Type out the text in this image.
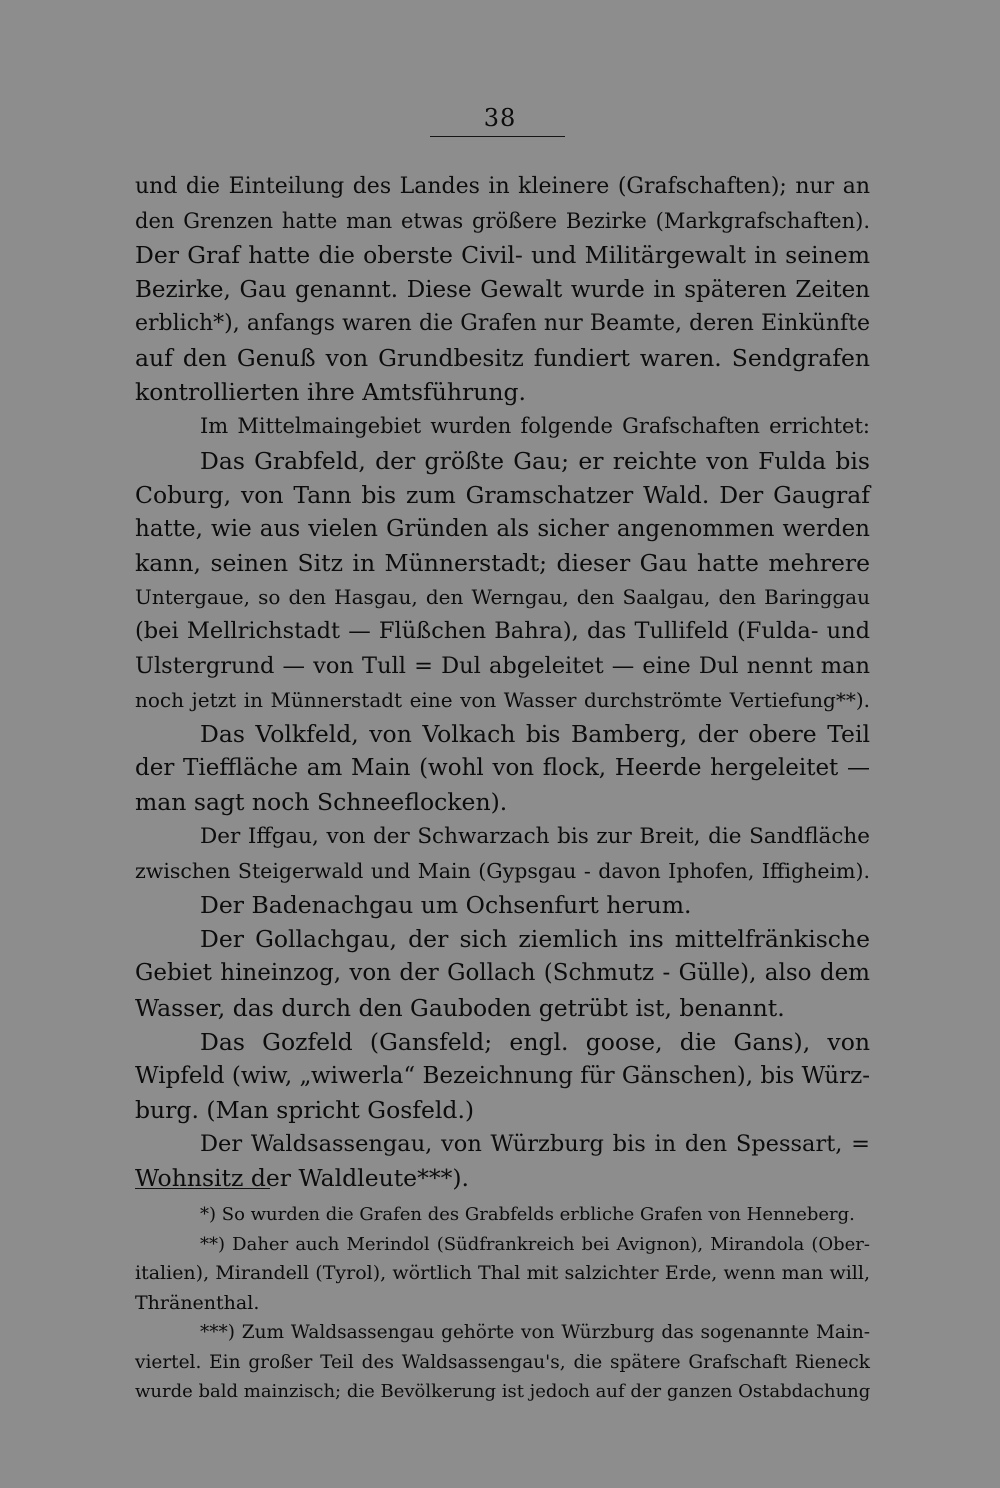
38
und die Einteilung des Landes in kleinere (Grafschaften); nur an
den Grenzen hatte man etwas größere Bezirke (Markgrafschaften).
Der Graf hatte die oberste Civil- und Militärgewalt in seinem
Bezirke, Gau genannt. Diese Gewalt wurde in späteren Zeiten
erblich*), anfangs waren die Grafen nur Beamte, deren Einkünfte
auf den Genuß von Grundbesitz fundiert waren. Sendgrafen
kontrollierten ihre Amtsführung.
Im Mittelmaingebiet wurden folgende Grafschaften errichtet:
Das Grabfeld, der größte Gau; er reichte von Fulda bis
Coburg, von Tann bis zum Gramschatzer Wald. Der Gaugraf
hatte, wie aus vielen Gründen als sicher angenommen werden
kann, seinen Sitz in Münnerstadt; dieser Gau hatte mehrere
Untergaue, so den Hasgau, den Werngau, den Saalgau, den Baringgau
(bei Mellrichstadt — Flüßchen Bahra), das Tullifeld (Fulda- und
Ulstergrund — von Tull = Dul abgeleitet — eine Dul nennt man
noch jetzt in Münnerstadt eine von Wasser durchströmte Vertiefung**).
Das Volkfeld, von Volkach bis Bamberg, der obere Teil
der Tieffläche am Main (wohl von flock, Heerde hergeleitet —
man sagt noch Schneeflocken).
Der Iffgau, von der Schwarzach bis zur Breit, die Sandfläche
zwischen Steigerwald und Main (Gypsgau - davon Iphofen, Iffigheim).
Der Badenachgau um Ochsenfurt herum.
Der Gollachgau, der sich ziemlich ins mittelfränkische
Gebiet hineinzog, von der Gollach (Schmutz - Gülle), also dem
Wasser, das durch den Gauboden getrübt ist, benannt.
Das Gozfeld (Gansfeld; engl. goose, die Gans), von
Wipfeld (wiw, „wiwerla“ Bezeichnung für Gänschen), bis Würz-
burg. (Man spricht Gosfeld.)
Der Waldsassengau, von Würzburg bis in den Spessart, =
Wohnsitz der Waldleute***).
*) So wurden die Grafen des Grabfelds erbliche Grafen von Henneberg.
**) Daher auch Merindol (Südfrankreich bei Avignon), Mirandola (Ober-
italien), Mirandell (Tyrol), wörtlich Thal mit salzichter Erde, wenn man will,
Thränenthal.
***) Zum Waldsassengau gehörte von Würzburg das sogenannte Main-
viertel. Ein großer Teil des Waldsassengau's, die spätere Grafschaft Rieneck
wurde bald mainzisch; die Bevölkerung ist jedoch auf der ganzen Ostabdachung
